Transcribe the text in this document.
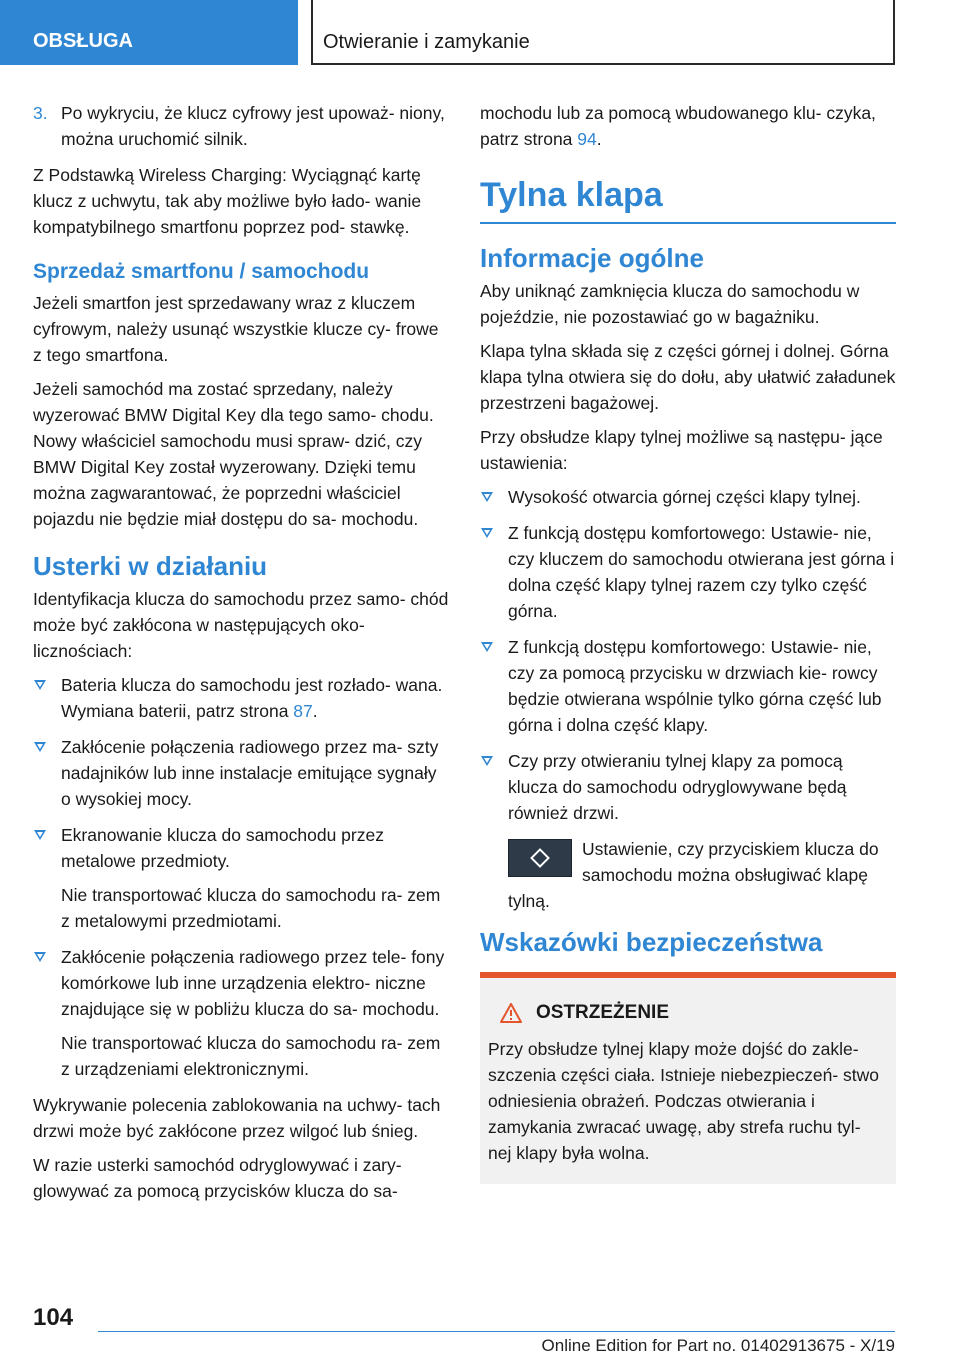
OBSŁUGA	Otwieranie i zamykanie
3. Po wykryciu, że klucz cyfrowy jest upoważ- niony, można uruchomić silnik.

Z Podstawką Wireless Charging: Wyciągnąć kartę klucz z uchwytu, tak aby możliwe było łado- wanie kompatybilnego smartfonu poprzez pod- stawkę.

Sprzedaż smartfonu / samochodu

Jeżeli smartfon jest sprzedawany wraz z kluczem cyfrowym, należy usunąć wszystkie klucze cy- frowe z tego smartfona.

Jeżeli samochód ma zostać sprzedany, należy wyzerować BMW Digital Key dla tego samo- chodu. Nowy właściciel samochodu musi spraw- dzić, czy BMW Digital Key został wyzerowany. Dzięki temu można zagwarantować, że poprzedni właściciel pojazdu nie będzie miał dostępu do sa- mochodu.

Usterki w działaniu

Identyfikacja klucza do samochodu przez samo- chód może być zakłócona w następujących oko- licznościach:

Bateria klucza do samochodu jest rozłado- wana. Wymiana baterii, patrz strona 87.
Zakłócenie połączenia radiowego przez ma- szty nadajników lub inne instalacje emitujące sygnały o wysokiej mocy.
Ekranowanie klucza do samochodu przez metalowe przedmioty.
Nie transportować klucza do samochodu ra- zem z metalowymi przedmiotami.
Zakłócenie połączenia radiowego przez tele- fony komórkowe lub inne urządzenia elektro- niczne znajdujące się w pobliżu klucza do sa- mochodu.
Nie transportować klucza do samochodu ra- zem z urządzeniami elektronicznymi.

Wykrywanie polecenia zablokowania na uchwy- tach drzwi może być zakłócone przez wilgoć lub śnieg.

W razie usterki samochód odryglowywać i zary- glowywać za pomocą przycisków klucza do sa-

mochodu lub za pomocą wbudowanego klu- czyka, patrz strona 94.

Tylna klapa
Informacje ogólne

Aby uniknąć zamknięcia klucza do samochodu w pojeździe, nie pozostawiać go w bagażniku.

Klapa tylna składa się z części górnej i dolnej. Górna klapa tylna otwiera się do dołu, aby ułatwić załadunek przestrzeni bagażowej.

Przy obsłudze klapy tylnej możliwe są następu- jące ustawienia:

Wysokość otwarcia górnej części klapy tylnej.
Z funkcją dostępu komfortowego: Ustawie- nie, czy kluczem do samochodu otwierana jest górna i dolna część klapy tylnej razem czy tylko część górna.
Z funkcją dostępu komfortowego: Ustawie- nie, czy za pomocą przycisku w drzwiach kie- rowcy będzie otwierana wspólnie tylko górna część lub górna i dolna część klapy.
Czy przy otwieraniu tylnej klapy za pomocą klucza do samochodu odryglowywane będą również drzwi.
Ustawienie, czy przyciskiem klucza do samochodu można obsługiwać klapę tylną.
Wskazówki bezpieczeństwa
OSTRZEŻENIE
Przy obsłudze tylnej klapy może dojść do zakle- szczenia części ciała. Istnieje niebezpieczeń- stwo odniesienia obrażeń. Podczas otwierania i zamykania zwracać uwagę, aby strefa ruchu tyl- nej klapy była wolna.
104
Online Edition for Part no. 01402913675 - X/19
